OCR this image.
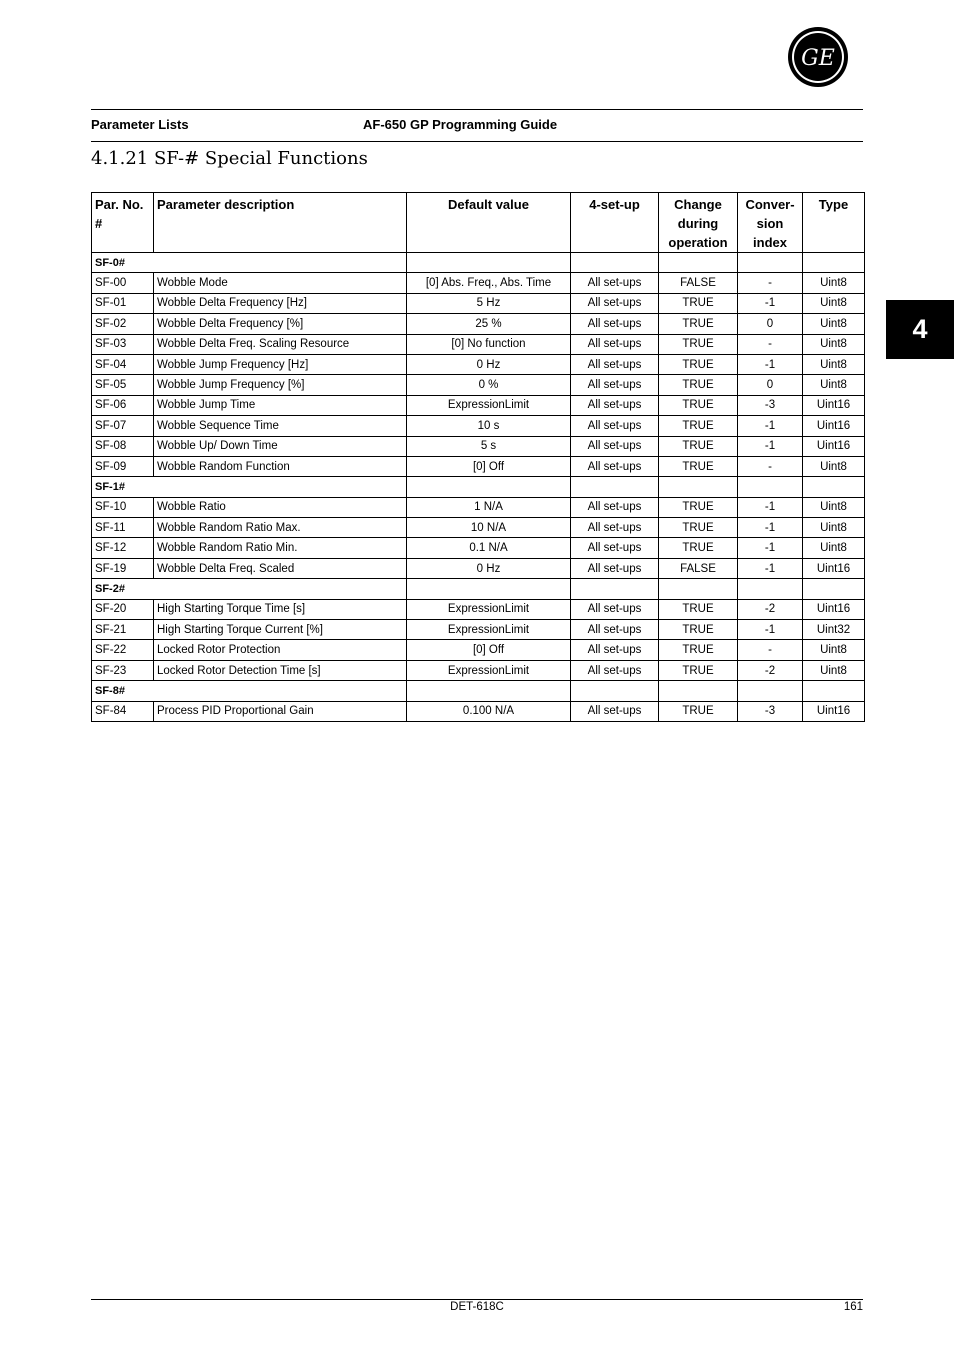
GE
Parameter Lists	AF-650 GP Programming Guide
4.1.21 SF-# Special Functions
4
Par. No. #	Parameter description	Default value	4-set-up	Change during operation	Conver-sion index	Type
SF-0#						
SF-00	Wobble Mode	[0] Abs. Freq., Abs. Time	All set-ups	FALSE	-	Uint8
SF-01	Wobble Delta Frequency [Hz]	5 Hz	All set-ups	TRUE	-1	Uint8
SF-02	Wobble Delta Frequency [%]	25 %	All set-ups	TRUE	0	Uint8
SF-03	Wobble Delta Freq. Scaling Resource	[0] No function	All set-ups	TRUE	-	Uint8
SF-04	Wobble Jump Frequency [Hz]	0 Hz	All set-ups	TRUE	-1	Uint8
SF-05	Wobble Jump Frequency [%]	0 %	All set-ups	TRUE	0	Uint8
SF-06	Wobble Jump Time	ExpressionLimit	All set-ups	TRUE	-3	Uint16
SF-07	Wobble Sequence Time	10 s	All set-ups	TRUE	-1	Uint16
SF-08	Wobble Up/ Down Time	5 s	All set-ups	TRUE	-1	Uint16
SF-09	Wobble Random Function	[0] Off	All set-ups	TRUE	-	Uint8
SF-1#						
SF-10	Wobble Ratio	1 N/A	All set-ups	TRUE	-1	Uint8
SF-11	Wobble Random Ratio Max.	10 N/A	All set-ups	TRUE	-1	Uint8
SF-12	Wobble Random Ratio Min.	0.1 N/A	All set-ups	TRUE	-1	Uint8
SF-19	Wobble Delta Freq. Scaled	0 Hz	All set-ups	FALSE	-1	Uint16
SF-2#						
SF-20	High Starting Torque Time [s]	ExpressionLimit	All set-ups	TRUE	-2	Uint16
SF-21	High Starting Torque Current [%]	ExpressionLimit	All set-ups	TRUE	-1	Uint32
SF-22	Locked Rotor Protection	[0] Off	All set-ups	TRUE	-	Uint8
SF-23	Locked Rotor Detection Time [s]	ExpressionLimit	All set-ups	TRUE	-2	Uint8
SF-8#						
SF-84	Process PID Proportional Gain	0.100 N/A	All set-ups	TRUE	-3	Uint16
DET-618C	161
